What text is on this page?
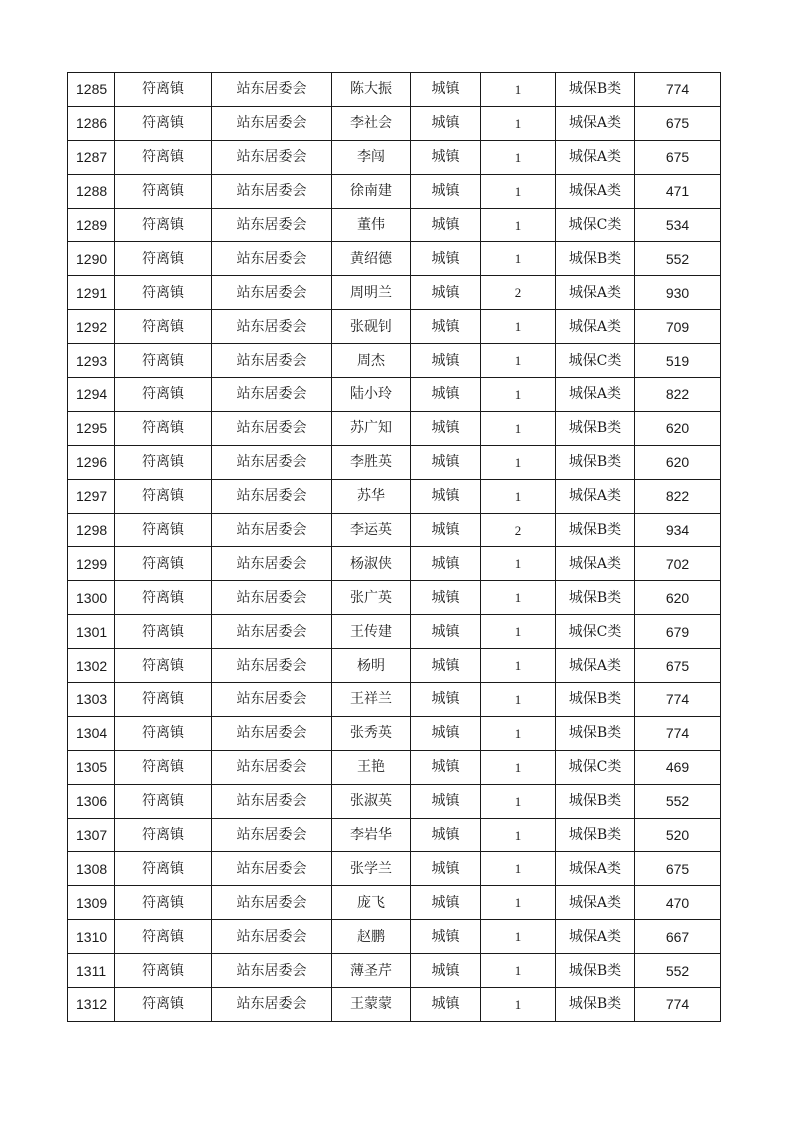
1285	符离镇	站东居委会	陈大振	城镇	1	城保B类	774
1286	符离镇	站东居委会	李社会	城镇	1	城保A类	675
1287	符离镇	站东居委会	李闯	城镇	1	城保A类	675
1288	符离镇	站东居委会	徐南建	城镇	1	城保A类	471
1289	符离镇	站东居委会	董伟	城镇	1	城保C类	534
1290	符离镇	站东居委会	黄绍德	城镇	1	城保B类	552
1291	符离镇	站东居委会	周明兰	城镇	2	城保A类	930
1292	符离镇	站东居委会	张砚钊	城镇	1	城保A类	709
1293	符离镇	站东居委会	周杰	城镇	1	城保C类	519
1294	符离镇	站东居委会	陆小玲	城镇	1	城保A类	822
1295	符离镇	站东居委会	苏广知	城镇	1	城保B类	620
1296	符离镇	站东居委会	李胜英	城镇	1	城保B类	620
1297	符离镇	站东居委会	苏华	城镇	1	城保A类	822
1298	符离镇	站东居委会	李运英	城镇	2	城保B类	934
1299	符离镇	站东居委会	杨淑侠	城镇	1	城保A类	702
1300	符离镇	站东居委会	张广英	城镇	1	城保B类	620
1301	符离镇	站东居委会	王传建	城镇	1	城保C类	679
1302	符离镇	站东居委会	杨明	城镇	1	城保A类	675
1303	符离镇	站东居委会	王祥兰	城镇	1	城保B类	774
1304	符离镇	站东居委会	张秀英	城镇	1	城保B类	774
1305	符离镇	站东居委会	王艳	城镇	1	城保C类	469
1306	符离镇	站东居委会	张淑英	城镇	1	城保B类	552
1307	符离镇	站东居委会	李岩华	城镇	1	城保B类	520
1308	符离镇	站东居委会	张学兰	城镇	1	城保A类	675
1309	符离镇	站东居委会	庞飞	城镇	1	城保A类	470
1310	符离镇	站东居委会	赵鹏	城镇	1	城保A类	667
1311	符离镇	站东居委会	薄圣芹	城镇	1	城保B类	552
1312	符离镇	站东居委会	王蒙蒙	城镇	1	城保B类	774
